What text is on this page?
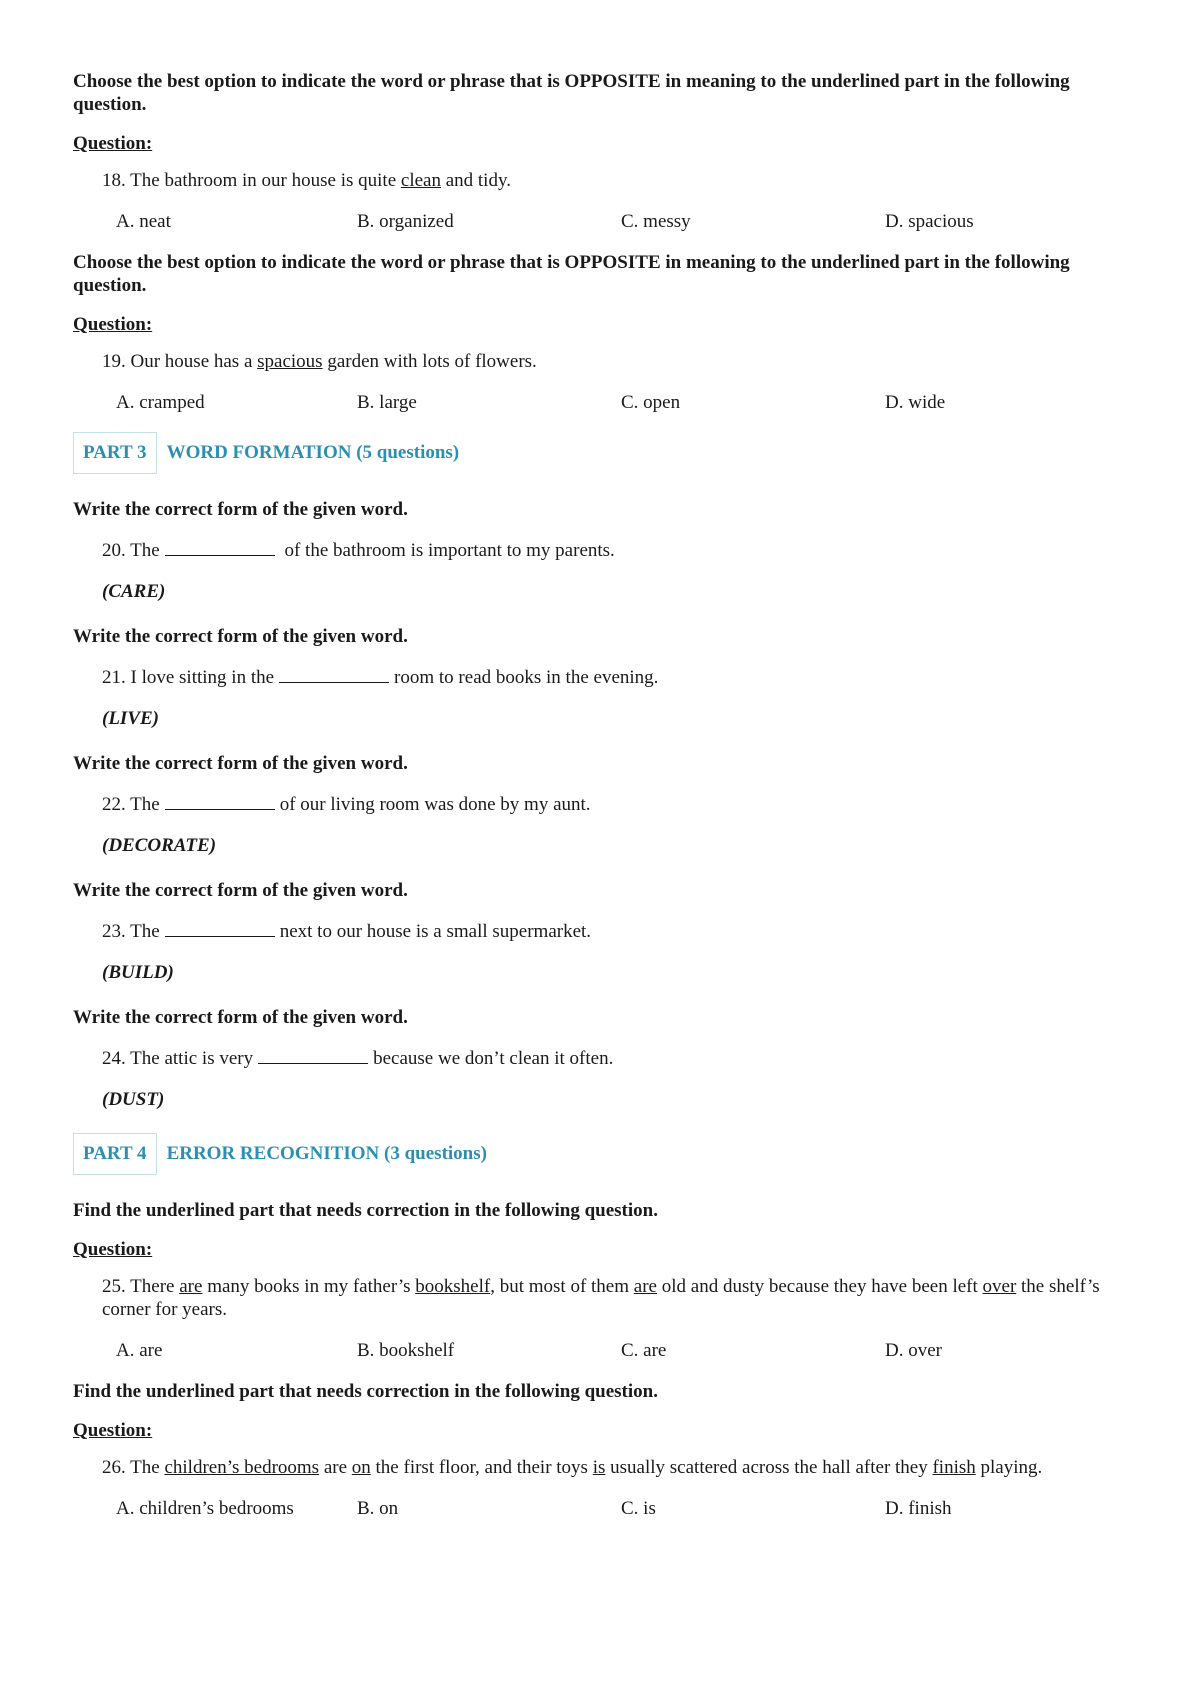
Choose the best option to indicate the word or phrase that is OPPOSITE in meaning to the underlined part in the following question.

Question:

18. The bathroom in our house is quite clean and tidy.

A. neat	B. organized	C. messy	D. spacious

Choose the best option to indicate the word or phrase that is OPPOSITE in meaning to the underlined part in the following question.

Question:

19. Our house has a spacious garden with lots of flowers.

A. cramped	B. large	C. open	D. wide
PART 3	WORD FORMATION (5 questions)

Write the correct form of the given word.

20. The	of the bathroom is important to my parents.

(CARE)

Write the correct form of the given word.

21. I love sitting in the	room to read books in the evening.

(LIVE)

Write the correct form of the given word.

22. The	of our living room was done by my aunt.

(DECORATE)

Write the correct form of the given word.

23. The	next to our house is a small supermarket.

(BUILD)

Write the correct form of the given word.

24. The attic is very	because we don’t clean it often.

(DUST)

PART 4	ERROR RECOGNITION (3 questions)

Find the underlined part that needs correction in the following question.

Question:

25. There are many books in my father’s bookshelf, but most of them are old and dusty because they have been left over the shelf’s corner for years.

A. are	B. bookshelf	C. are	D. over

Find the underlined part that needs correction in the following question.

Question:

26. The children’s bedrooms are on the first floor, and their toys is usually scattered across the hall after they finish playing.

A. children’s bedrooms	B. on	C. is	D. finish
